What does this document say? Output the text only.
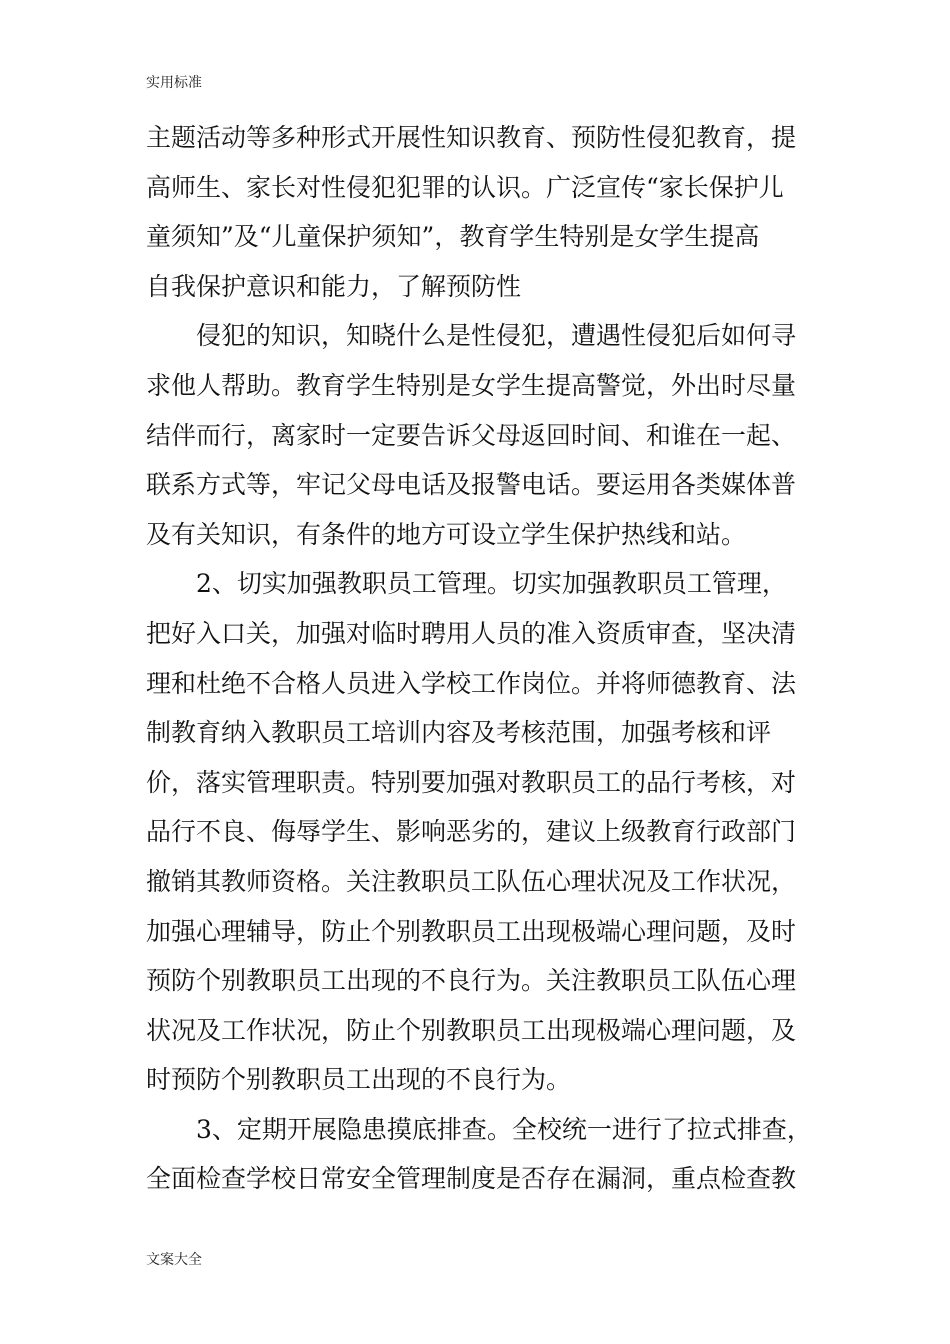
实用标准
主题活动等多种形式开展性知识教育、预防性侵犯教育，提
高师生、家长对性侵犯犯罪的认识。广泛宣传“家长保护儿
童须知”及“儿童保护须知”，教育学生特别是女学生提高
自我保护意识和能力，了解预防性
侵犯的知识，知晓什么是性侵犯，遭遇性侵犯后如何寻
求他人帮助。教育学生特别是女学生提高警觉，外出时尽量
结伴而行，离家时一定要告诉父母返回时间、和谁在一起、
联系方式等，牢记父母电话及报警电话。要运用各类媒体普
及有关知识，有条件的地方可设立学生保护热线和站。
2、切实加强教职员工管理。切实加强教职员工管理，
把好入口关，加强对临时聘用人员的准入资质审查，坚决清
理和杜绝不合格人员进入学校工作岗位。并将师德教育、法
制教育纳入教职员工培训内容及考核范围，加强考核和评
价，落实管理职责。特别要加强对教职员工的品行考核，对
品行不良、侮辱学生、影响恶劣的，建议上级教育行政部门
撤销其教师资格。关注教职员工队伍心理状况及工作状况，
加强心理辅导，防止个别教职员工出现极端心理问题，及时
预防个别教职员工出现的不良行为。关注教职员工队伍心理
状况及工作状况，防止个别教职员工出现极端心理问题，及
时预防个别教职员工出现的不良行为。
3、定期开展隐患摸底排查。全校统一进行了拉式排查，
全面检查学校日常安全管理制度是否存在漏洞，重点检查教
文案大全
